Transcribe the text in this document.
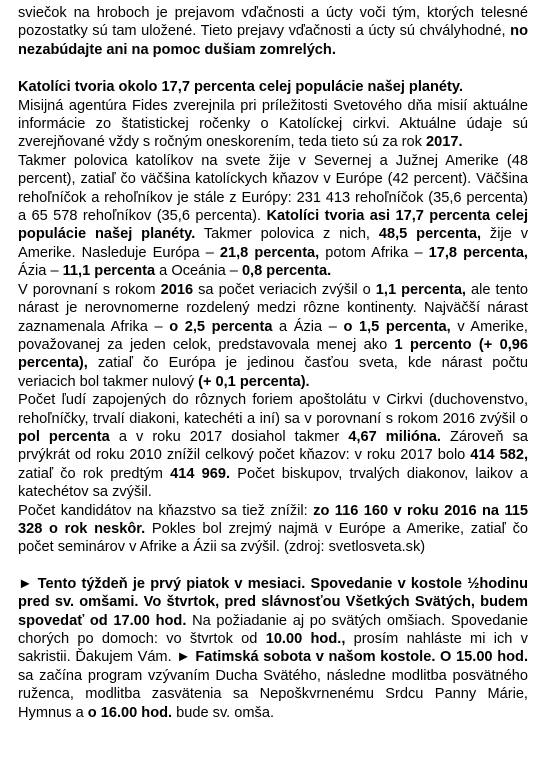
sviečok na hroboch je prejavom vďačnosti a úcty voči tým, ktorých telesné pozostatky sú tam uložené. Tieto prejavy vďačnosti a úcty sú chvályhodné, no nezabúdajte ani na pomoc dušiam zomrelých.

Katolíci tvoria okolo 17,7 percenta celej populácie našej planéty.

Misijná agentúra Fides zverejnila pri príležitosti Svetového dňa misií aktuálne informácie zo štatistickej ročenky o Katolíckej cirkvi. Aktuálne údaje sú zverejňované vždy s ročným oneskorením, teda tieto sú za rok 2017.

Takmer polovica katolíkov na svete žije v Severnej a Južnej Amerike (48 percent), zatiaľ čo väčšina katolíckych kňazov v Európe (42 percent). Väčšina rehoľníčok a rehoľníkov je stále z Európy: 231 413 rehoľníčok (35,6 percenta) a 65 578 rehoľníkov (35,6 percenta). Katolíci tvoria asi 17,7 percenta celej populácie našej planéty. Takmer polovica z nich, 48,5 percenta, žije v Amerike. Nasleduje Európa – 21,8 percenta, potom Afrika – 17,8 percenta, Ázia – 11,1 percenta a Oceánia – 0,8 percenta.

V porovnaní s rokom 2016 sa počet veriacich zvýšil o 1,1 percenta, ale tento nárast je nerovnomerne rozdelený medzi rôzne kontinenty. Najväčší nárast zaznamenala Afrika – o 2,5 percenta a Ázia – o 1,5 percenta, v Amerike, považovanej za jeden celok, predstavovala menej ako 1 percento (+ 0,96 percenta), zatiaľ čo Európa je jedinou časťou sveta, kde nárast počtu veriacich bol takmer nulový (+ 0,1 percenta).

Počet ľudí zapojených do rôznych foriem apoštolátu v Cirkvi (duchovenstvo, rehoľníčky, trvalí diakoni, katechéti a iní) sa v porovnaní s rokom 2016 zvýšil o pol percenta a v roku 2017 dosiahol takmer 4,67 milióna. Zároveň sa prvýkrát od roku 2010 znížil celkový počet kňazov: v roku 2017 bolo 414 582, zatiaľ čo rok predtým 414 969. Počet biskupov, trvalých diakonov, laikov a katechétov sa zvýšil.

Počet kandidátov na kňazstvo sa tiež znížil: zo 116 160 v roku 2016 na 115 328 o rok neskôr. Pokles bol zrejmý najmä v Európe a Amerike, zatiaľ čo počet seminárov v Afrike a Ázii sa zvýšil. (zdroj: svetlosveta.sk)

► Tento týždeň je prvý piatok v mesiaci. Spovedanie v kostole ½hodinu pred sv. omšami. Vo štvrtok, pred slávnosťou Všetkých Svätých, budem spovedať od 17.00 hod. Na požiadanie aj po svätých omšiach. Spovedanie chorých po domoch: vo štvrtok od 10.00 hod., prosím nahláste mi ich v sakristii. Ďakujem Vám. ► Fatimská sobota v našom kostole. O 15.00 hod. sa začína program vzývaním Ducha Svätého, následne modlitba posvätného ruženca, modlitba zasvätenia sa Nepoškvrnenému Srdcu Panny Márie, Hymnus a o 16.00 hod. bude sv. omša.
